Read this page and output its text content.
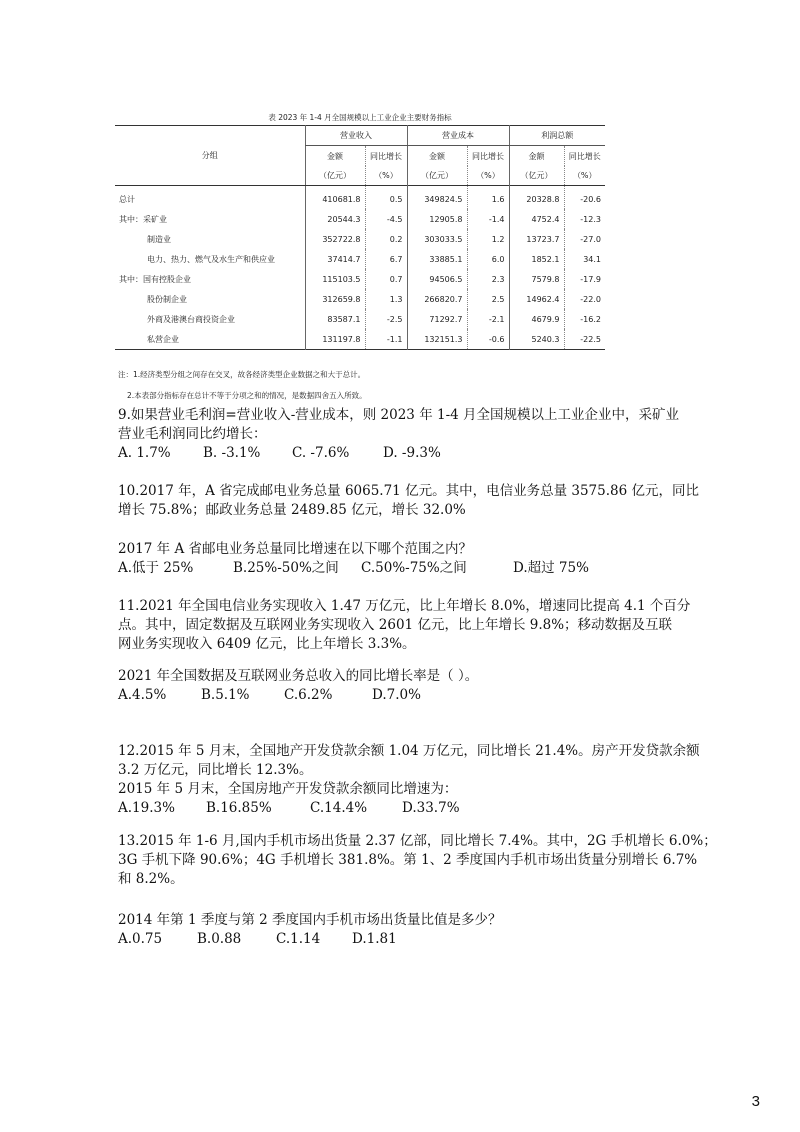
表 2023 年 1-4 月全国规模以上工业企业主要财务指标
分组	营业收入		营业成本		利润总额	
	金额	同比增长	金额	同比增长	金额	同比增长
	（亿元）	（%）	（亿元）	（%）	（亿元）	（%）
总计	410681.8	0.5	349824.5	1.6	20328.8	-20.6
其中：采矿业	20544.3	-4.5	12905.8	-1.4	4752.4	-12.3
制造业	352722.8	0.2	303033.5	1.2	13723.7	-27.0
电力、热力、燃气及水生产和供应业	37414.7	6.7	33885.1	6.0	1852.1	34.1
其中：国有控股企业	115103.5	0.7	94506.5	2.3	7579.8	-17.9
股份制企业	312659.8	1.3	266820.7	2.5	14962.4	-22.0
外商及港澳台商投资企业	83587.1	-2.5	71292.7	-2.1	4679.9	-16.2
私营企业	131197.8	-1.1	132151.3	-0.6	5240.3	-22.5
注：1.经济类型分组之间存在交叉，故各经济类型企业数据之和大于总计。
2.本表部分指标存在总计不等于分项之和的情况，是数据四舍五入所致。
9.如果营业毛利润=营业收入-营业成本，则 2023 年 1-4 月全国规模以上工业企业中，采矿业
营业毛利润同比约增长：
A. 1.7%	B. -3.1%	C. -7.6%	D. -9.3%
10.2017 年，A 省完成邮电业务总量 6065.71 亿元。其中，电信业务总量 3575.86 亿元，同比
增长 75.8%；邮政业务总量 2489.85 亿元，增长 32.0%
2017 年 A 省邮电业务总量同比增速在以下哪个范围之内？
A.低于 25%	B.25%-50%之间	C.50%-75%之间	D.超过 75%
11.2021 年全国电信业务实现收入 1.47 万亿元，比上年增长 8.0%，增速同比提高 4.1 个百分
点。其中，固定数据及互联网业务实现收入 2601 亿元，比上年增长 9.8%；移动数据及互联
网业务实现收入 6409 亿元，比上年增长 3.3%。
2021 年全国数据及互联网业务总收入的同比增长率是（ ）。
A.4.5%	B.5.1%	C.6.2%	D.7.0%
12.2015 年 5 月末，全国地产开发贷款余额 1.04 万亿元，同比增长 21.4%。房产开发贷款余额
3.2 万亿元，同比增长 12.3%。
2015 年 5 月末，全国房地产开发贷款余额同比增速为：
A.19.3%	B.16.85%	C.14.4%	D.33.7%
13.2015 年 1-6 月,国内手机市场出货量 2.37 亿部，同比增长 7.4%。其中，2G 手机增长 6.0%；
3G 手机下降 90.6%；4G 手机增长 381.8%。第 1、2 季度国内手机市场出货量分别增长 6.7%
和 8.2%。
2014 年第 1 季度与第 2 季度国内手机市场出货量比值是多少？
A.0.75	B.0.88	C.1.14	D.1.81
3
